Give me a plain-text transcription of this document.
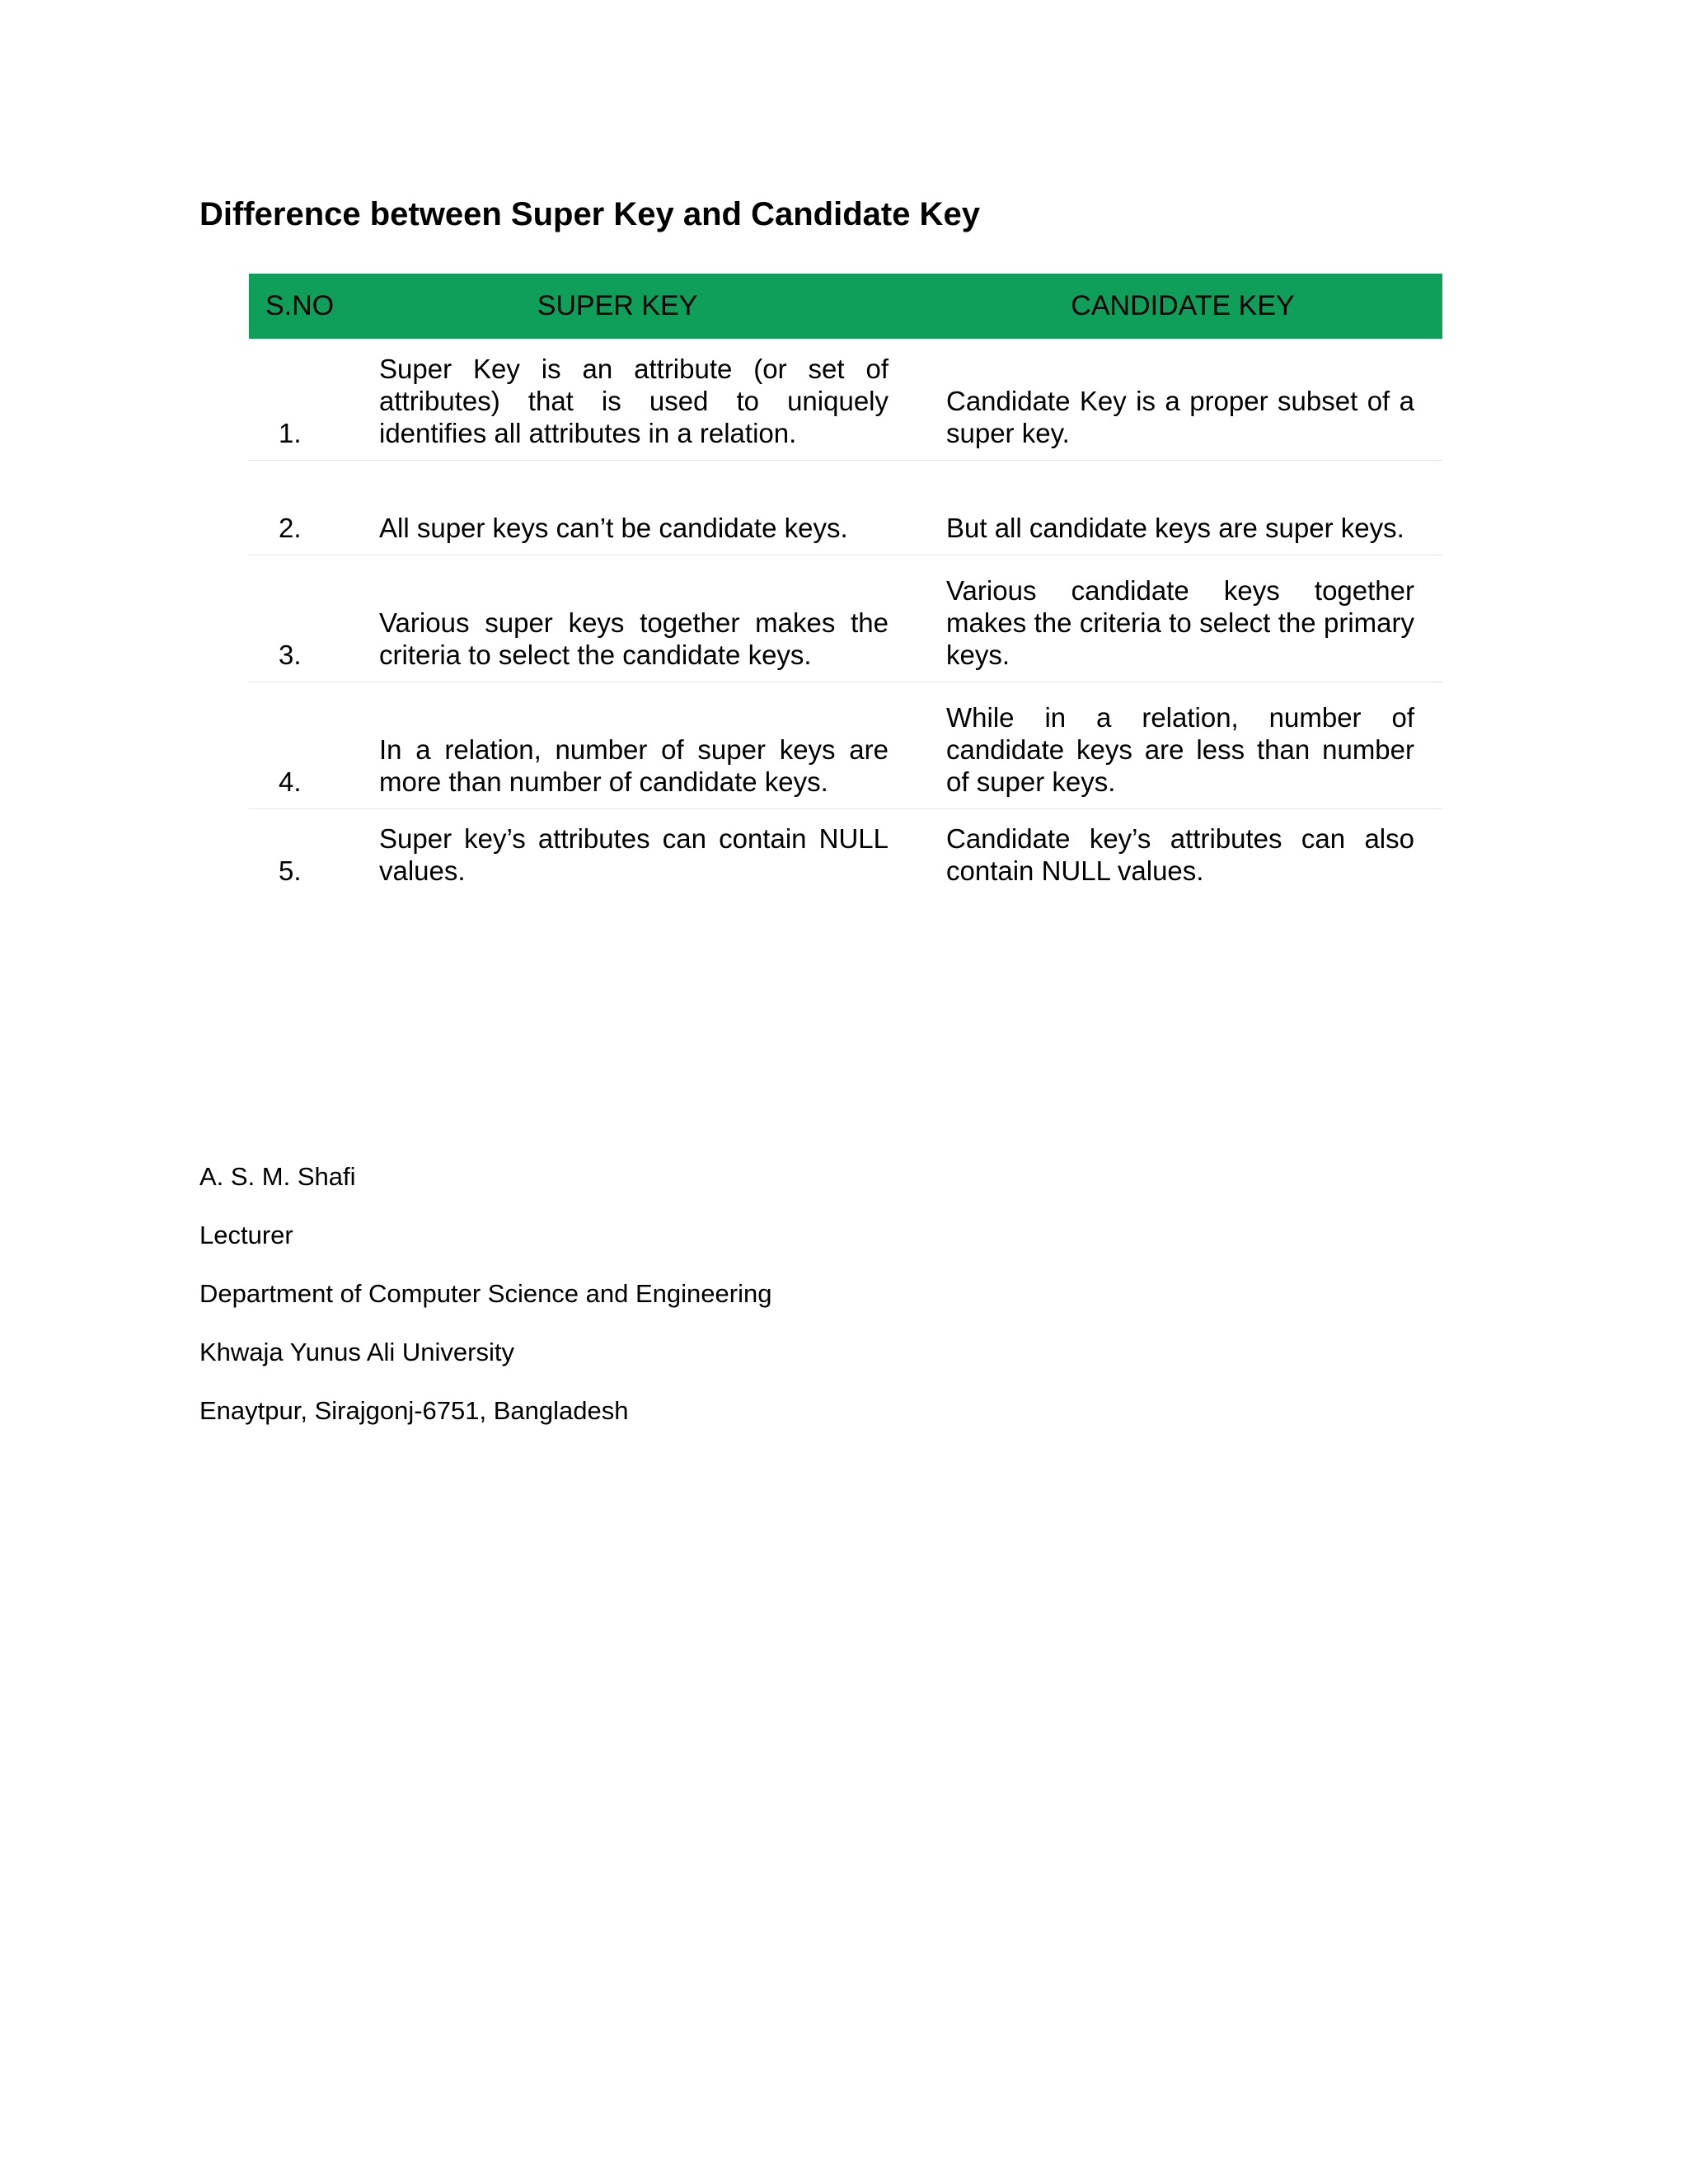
Difference between Super Key and Candidate Key
S.NO	SUPER KEY	CANDIDATE KEY
1.	Super Key is an attribute (or set of attributes) that is used to uniquely identifies all attributes in a relation.	Candidate Key is a proper subset of a super key.
2.	All super keys can’t be candidate keys.	But all candidate keys are super keys.
3.	Various super keys together makes the criteria to select the candidate keys.	Various candidate keys together makes the criteria to select the primary keys.
4.	In a relation, number of super keys are more than number of candidate keys.	While in a relation, number of candidate keys are less than number of super keys.
5.	Super key’s attributes can contain NULL values.	Candidate key’s attributes can also contain NULL values.
A. S. M. Shafi
Lecturer
Department of Computer Science and Engineering
Khwaja Yunus Ali University
Enaytpur, Sirajgonj-6751, Bangladesh
